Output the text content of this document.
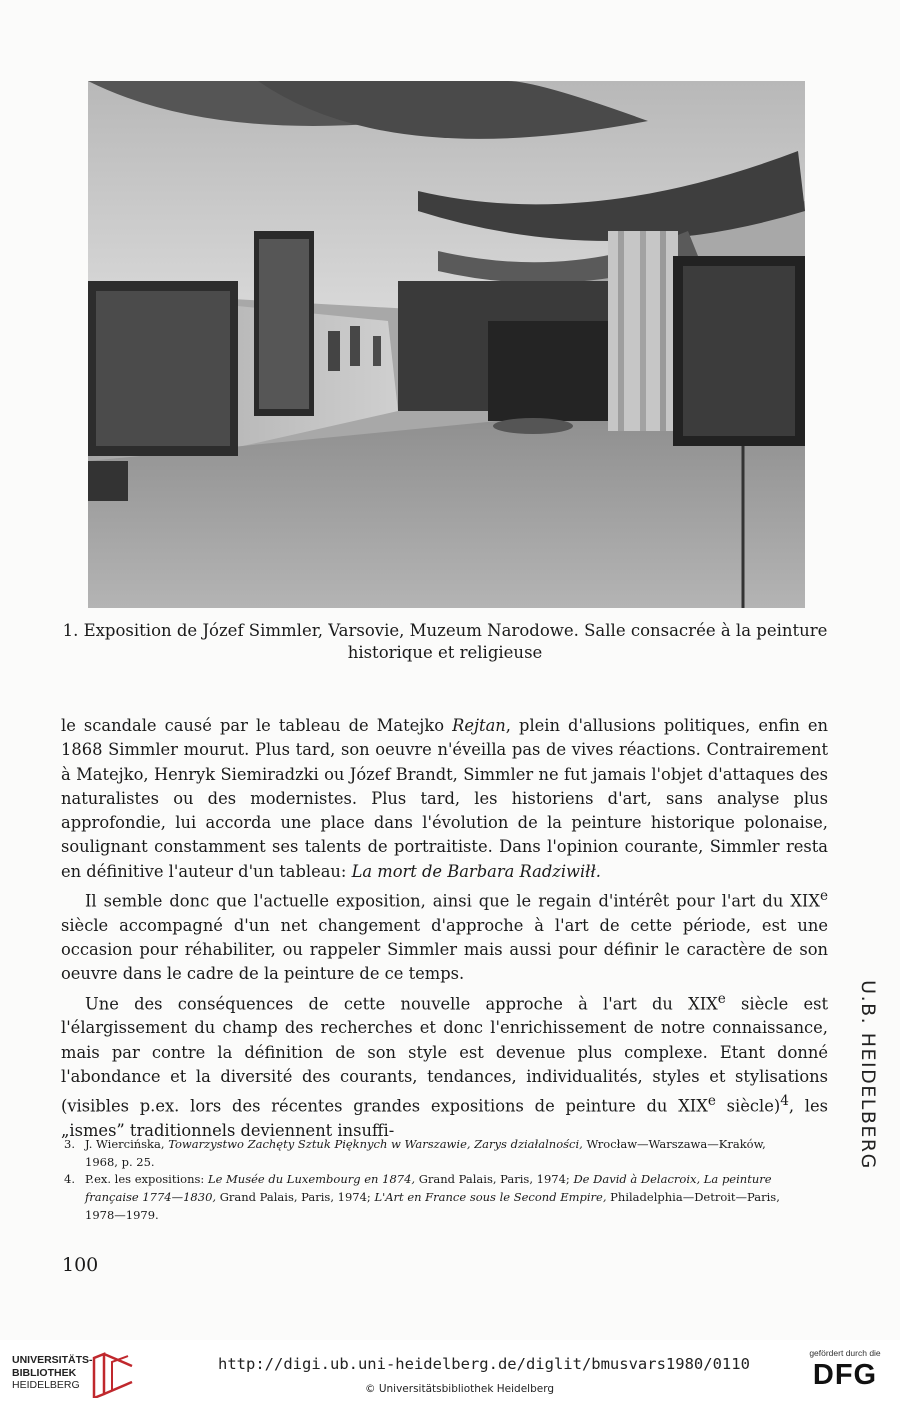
1. Exposition de Józef Simmler, Varsovie, Muzeum Narodowe. Salle consacrée à la peinture
historique et religieuse

le scandale causé par le tableau de Matejko Rejtan, plein d'allusions politiques, enfin en 1868 Simmler mourut. Plus tard, son oeuvre n'éveilla pas de vives réactions. Contrairement à Matejko, Henryk Siemiradzki ou Józef Brandt, Simmler ne fut jamais l'objet d'attaques des naturalistes ou des modernistes. Plus tard, les historiens d'art, sans analyse plus approfondie, lui accorda une place dans l'évolution de la peinture historique polonaise, soulignant constamment ses talents de portraitiste. Dans l'opinion courante, Simmler resta en définitive l'auteur d'un tableau: La mort de Barbara Radziwiłł.

Il semble donc que l'actuelle exposition, ainsi que le regain d'intérêt pour l'art du XIXe siècle accompagné d'un net changement d'approche à l'art de cette période, est une occasion pour réhabiliter, ou rappeler Simmler mais aussi pour définir le caractère de son oeuvre dans le cadre de la peinture de ce temps.

Une des conséquences de cette nouvelle approche à l'art du XIXe siècle est l'élargissement du champ des recherches et donc l'enrichissement de notre connaissance, mais par contre la définition de son style est devenue plus complexe. Etant donné l'abondance et la diversité des courants, tendances, individualités, styles et stylisations (visibles p.ex. lors des récentes grandes expositions de peinture du XIXe siècle)$^4$, les „ismes” traditionnels deviennent insuffi-

3. J. Wiercińska, Towarzystwo Zachęty Sztuk Pięknych w Warszawie, Zarys działalności, Wrocław—Warszawa—Kraków,
1968, p. 25.
4. P.ex. les expositions: Le Musée du Luxembourg en 1874, Grand Palais, Paris, 1974; De David à Delacroix, La peinture
française 1774—1830, Grand Palais, Paris, 1974; L'Art en France sous le Second Empire, Philadelphia—Detroit—Paris,
1978—1979.
100
U.B. HEIDELBERG
UNIVERSITÄTS-
BIBLIOTHEK
HEIDELBERG
http://digi.ub.uni-heidelberg.de/diglit/bmusvars1980/0110
© Universitätsbibliothek Heidelberg
gefördert durch die
DFG
